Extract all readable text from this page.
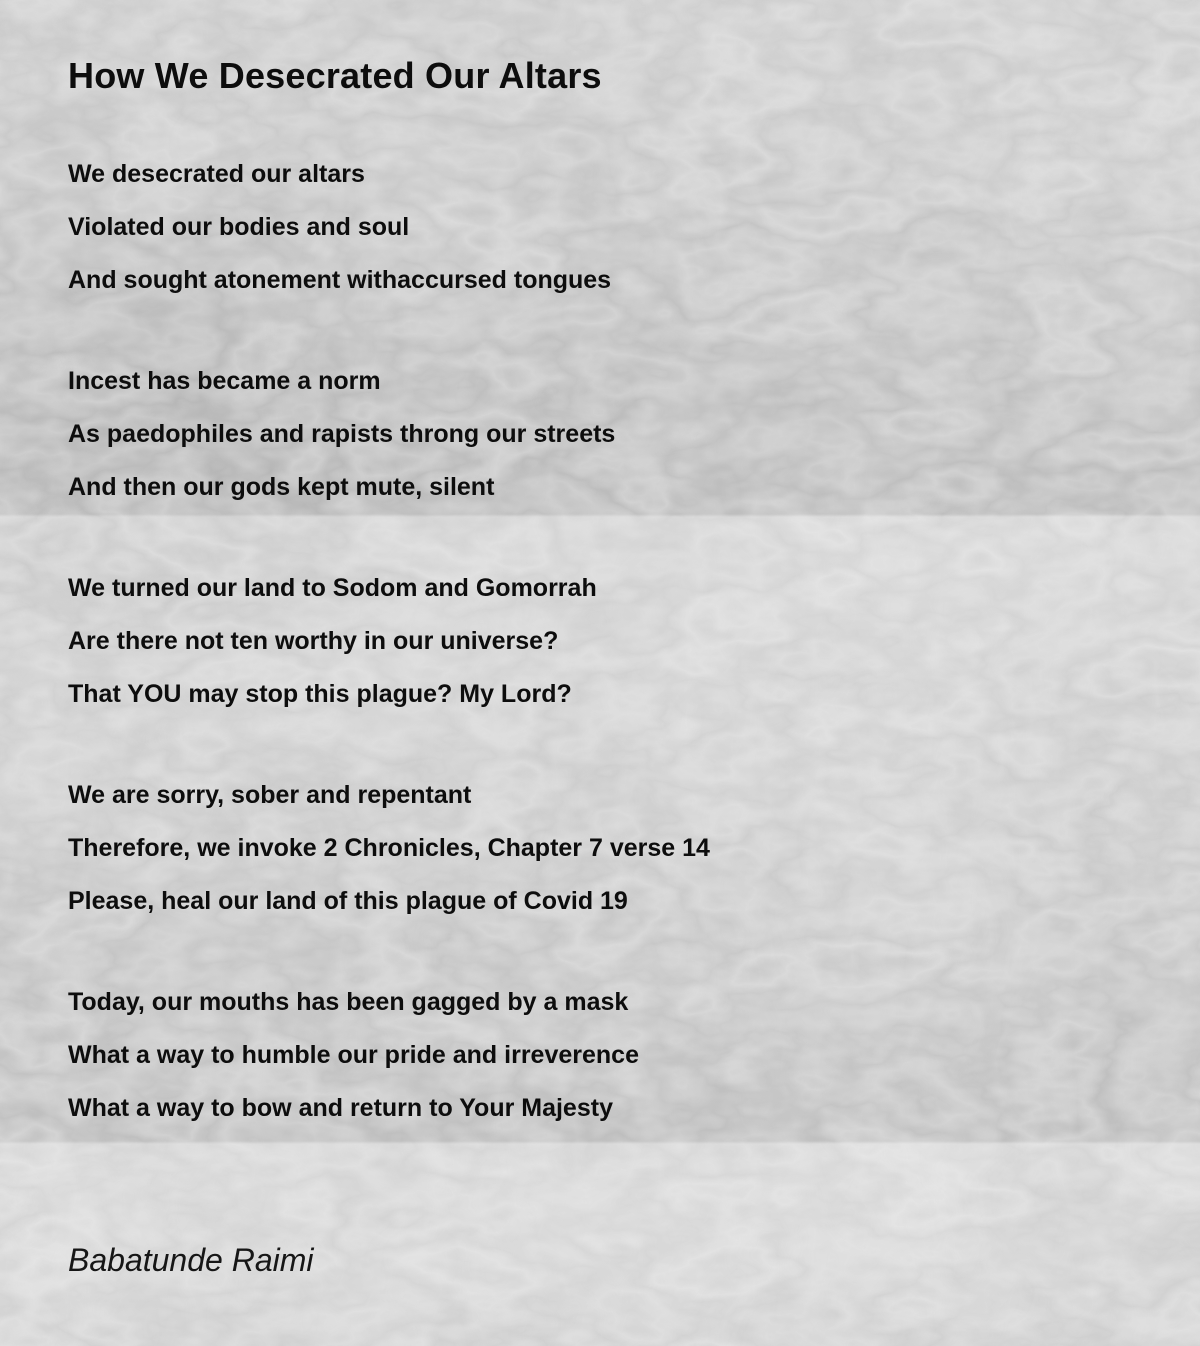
How We Desecrated Our Altars
We desecrated our altars
Violated our bodies and soul
And sought atonement withaccursed tongues
Incest has became a norm
As paedophiles and rapists throng our streets
And then our gods kept mute, silent
We turned our land to Sodom and Gomorrah
Are there not ten worthy in our universe?
That YOU may stop this plague? My Lord?
We are sorry, sober and repentant
Therefore, we invoke 2 Chronicles, Chapter 7 verse 14
Please, heal our land of this plague of Covid 19
Today, our mouths has been gagged by a mask
What a way to humble our pride and irreverence
What a way to bow and return to Your Majesty
Babatunde Raimi
